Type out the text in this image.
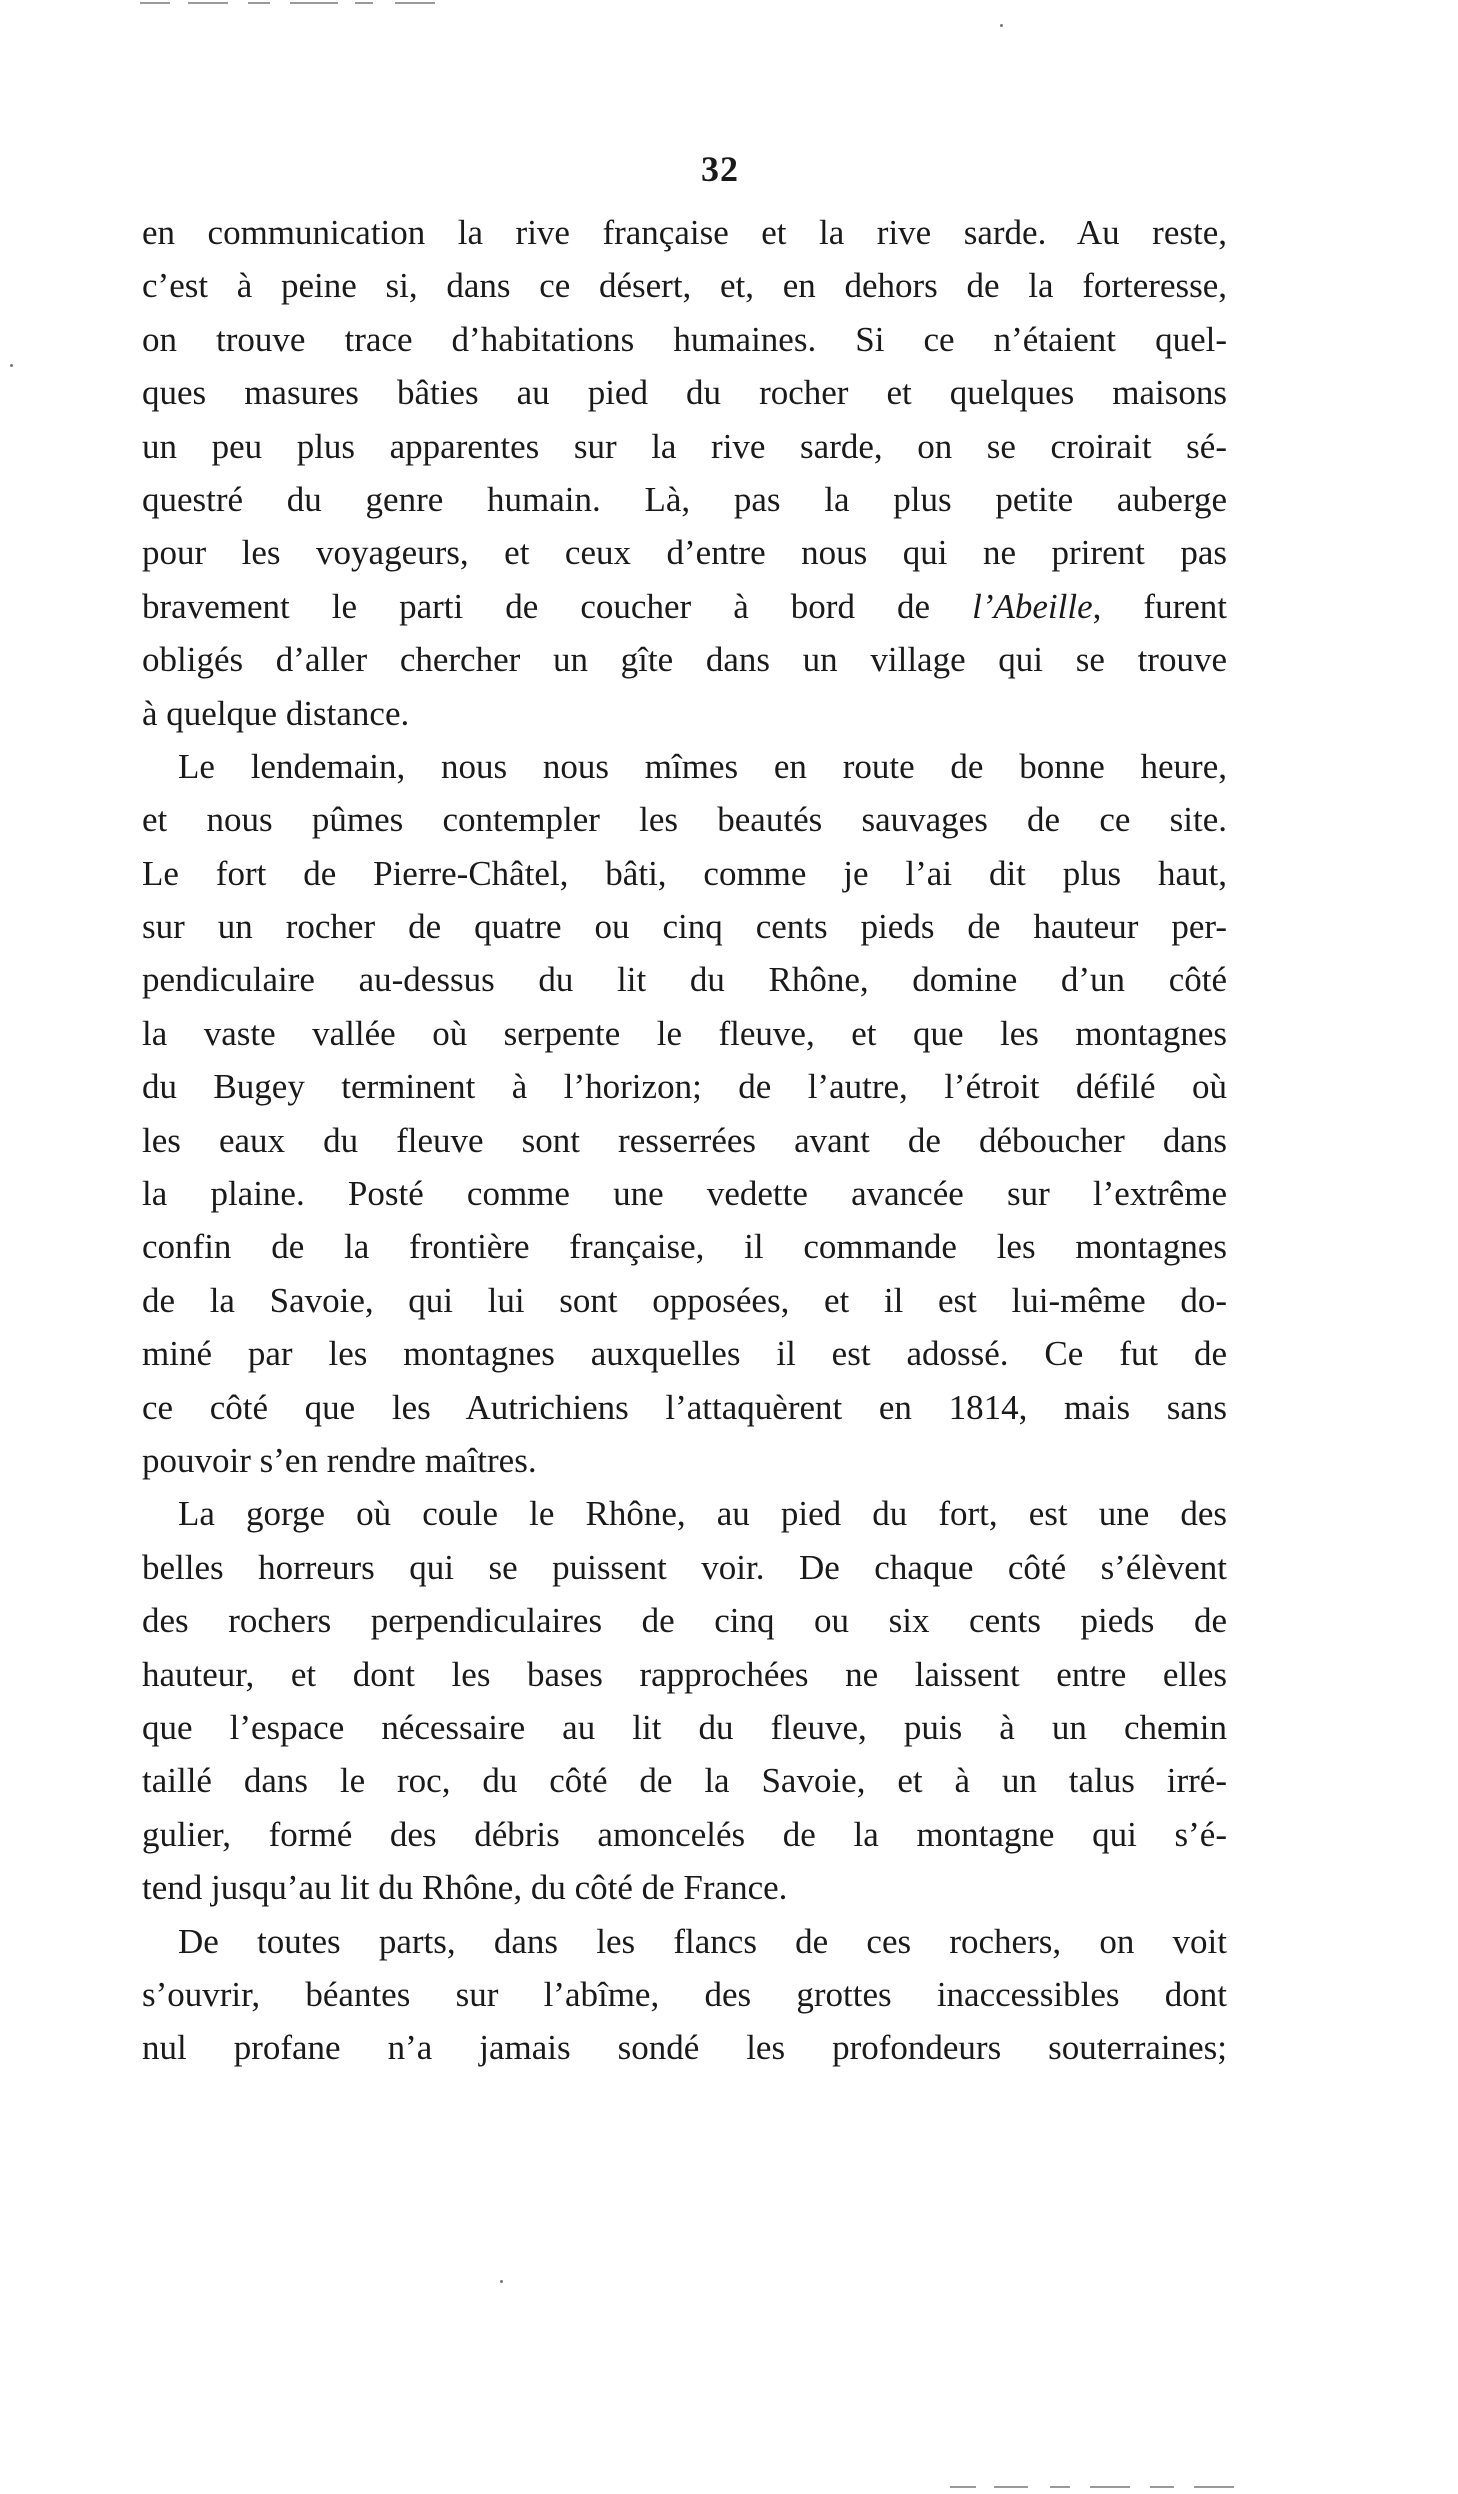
32
en communication la rive française et la rive sarde. Au reste,
c’est à peine si, dans ce désert, et, en dehors de la forteresse,
on trouve trace d’habitations humaines. Si ce n’étaient quel-
ques masures bâties au pied du rocher et quelques maisons
un peu plus apparentes sur la rive sarde, on se croirait sé-
questré du genre humain. Là, pas la plus petite auberge
pour les voyageurs, et ceux d’entre nous qui ne prirent pas
bravement le parti de coucher à bord de l’Abeille, furent
obligés d’aller chercher un gîte dans un village qui se trouve
à quelque distance.
Le lendemain, nous nous mîmes en route de bonne heure,
et nous pûmes contempler les beautés sauvages de ce site.
Le fort de Pierre-Châtel, bâti, comme je l’ai dit plus haut,
sur un rocher de quatre ou cinq cents pieds de hauteur per-
pendiculaire au-dessus du lit du Rhône, domine d’un côté
la vaste vallée où serpente le fleuve, et que les montagnes
du Bugey terminent à l’horizon; de l’autre, l’étroit défilé où
les eaux du fleuve sont resserrées avant de déboucher dans
la plaine. Posté comme une vedette avancée sur l’extrême
confin de la frontière française, il commande les montagnes
de la Savoie, qui lui sont opposées, et il est lui-même do-
miné par les montagnes auxquelles il est adossé. Ce fut de
ce côté que les Autrichiens l’attaquèrent en 1814, mais sans
pouvoir s’en rendre maîtres.
La gorge où coule le Rhône, au pied du fort, est une des
belles horreurs qui se puissent voir. De chaque côté s’élèvent
des rochers perpendiculaires de cinq ou six cents pieds de
hauteur, et dont les bases rapprochées ne laissent entre elles
que l’espace nécessaire au lit du fleuve, puis à un chemin
taillé dans le roc, du côté de la Savoie, et à un talus irré-
gulier, formé des débris amoncelés de la montagne qui s’é-
tend jusqu’au lit du Rhône, du côté de France.
De toutes parts, dans les flancs de ces rochers, on voit
s’ouvrir, béantes sur l’abîme, des grottes inaccessibles dont
nul profane n’a jamais sondé les profondeurs souterraines;
